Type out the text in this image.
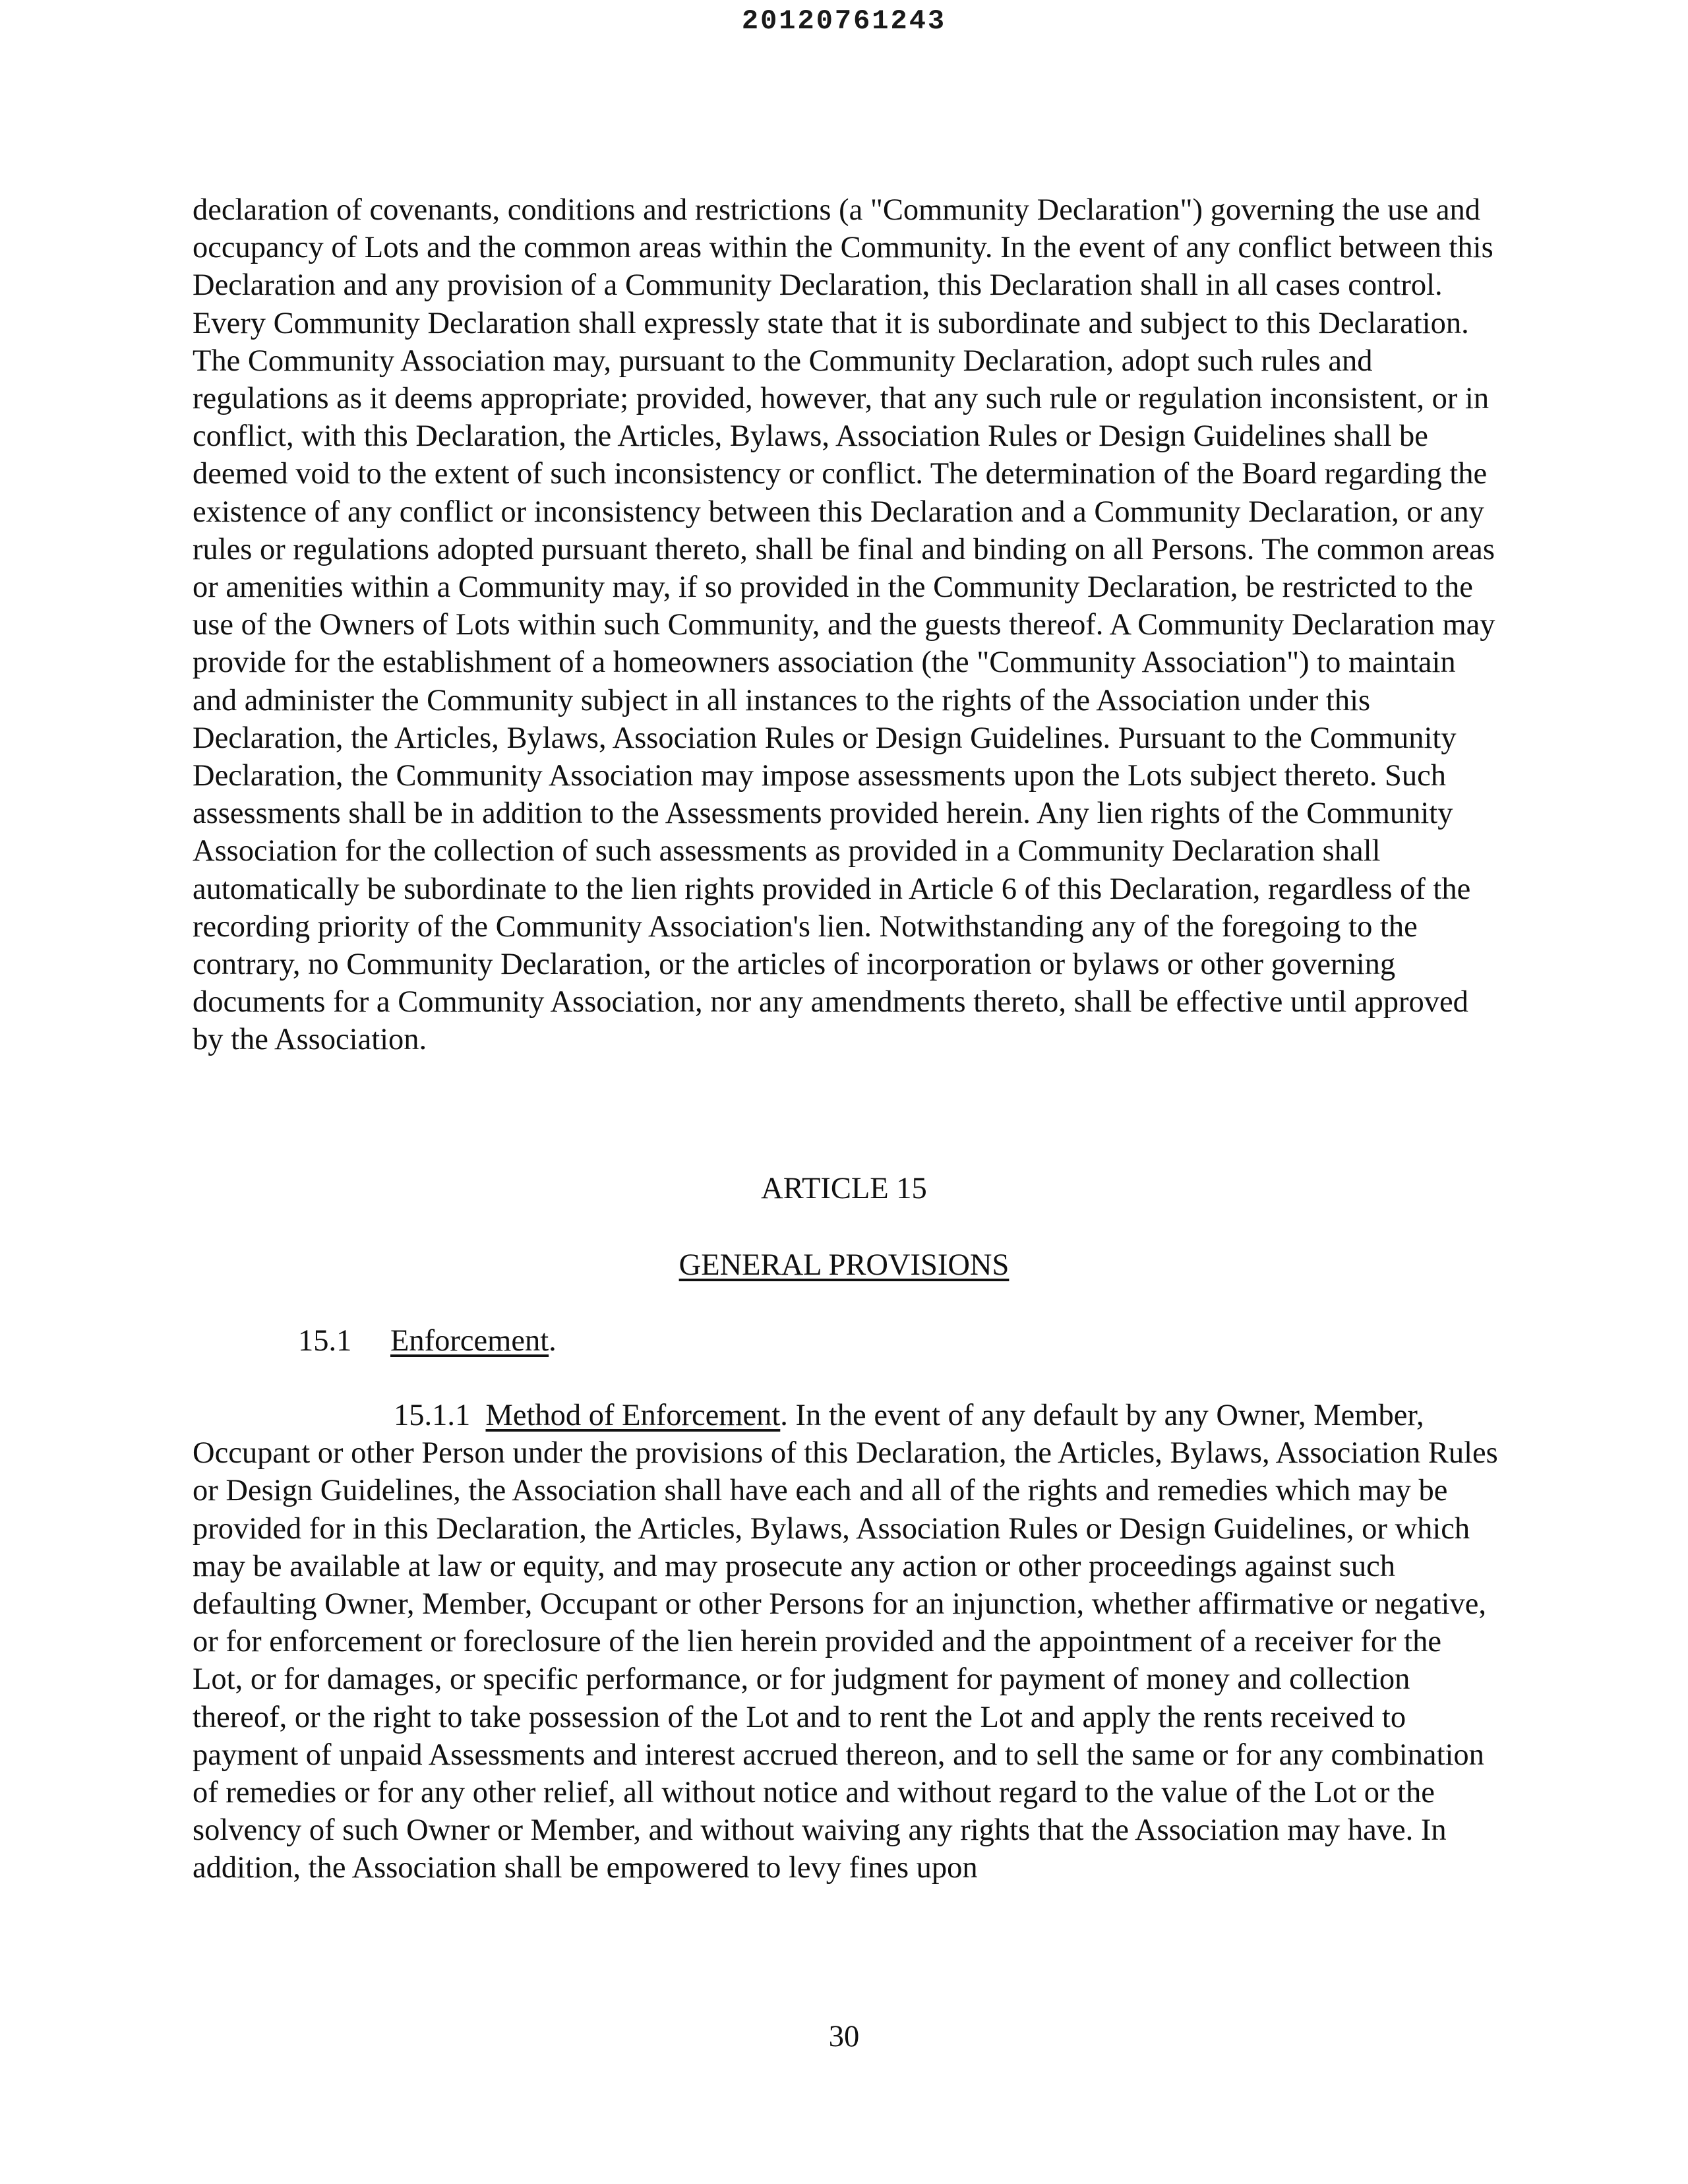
20120761243

declaration of covenants, conditions and restrictions (a "Community Declaration") governing the use and occupancy of Lots and the common areas within the Community. In the event of any conflict between this Declaration and any provision of a Community Declaration, this Declaration shall in all cases control. Every Community Declaration shall expressly state that it is subordinate and subject to this Declaration. The Community Association may, pursuant to the Community Declaration, adopt such rules and regulations as it deems appropriate; provided, however, that any such rule or regulation inconsistent, or in conflict, with this Declaration, the Articles, Bylaws, Association Rules or Design Guidelines shall be deemed void to the extent of such inconsistency or conflict. The determination of the Board regarding the existence of any conflict or inconsistency between this Declaration and a Community Declaration, or any rules or regulations adopted pursuant thereto, shall be final and binding on all Persons. The common areas or amenities within a Community may, if so provided in the Community Declaration, be restricted to the use of the Owners of Lots within such Community, and the guests thereof. A Community Declaration may provide for the establishment of a homeowners association (the "Community Association") to maintain and administer the Community subject in all instances to the rights of the Association under this Declaration, the Articles, Bylaws, Association Rules or Design Guidelines. Pursuant to the Community Declaration, the Community Association may impose assessments upon the Lots subject thereto. Such assessments shall be in addition to the Assessments provided herein. Any lien rights of the Community Association for the collection of such assessments as provided in a Community Declaration shall automatically be subordinate to the lien rights provided in Article 6 of this Declaration, regardless of the recording priority of the Community Association's lien. Notwithstanding any of the foregoing to the contrary, no Community Declaration, or the articles of incorporation or bylaws or other governing documents for a Community Association, nor any amendments thereto, shall be effective until approved by the Association.

ARTICLE 15
GENERAL PROVISIONS
15.1 Enforcement.

15.1.1 Method of Enforcement. In the event of any default by any Owner, Member, Occupant or other Person under the provisions of this Declaration, the Articles, Bylaws, Association Rules or Design Guidelines, the Association shall have each and all of the rights and remedies which may be provided for in this Declaration, the Articles, Bylaws, Association Rules or Design Guidelines, or which may be available at law or equity, and may prosecute any action or other proceedings against such defaulting Owner, Member, Occupant or other Persons for an injunction, whether affirmative or negative, or for enforcement or foreclosure of the lien herein provided and the appointment of a receiver for the Lot, or for damages, or specific performance, or for judgment for payment of money and collection thereof, or the right to take possession of the Lot and to rent the Lot and apply the rents received to payment of unpaid Assessments and interest accrued thereon, and to sell the same or for any combination of remedies or for any other relief, all without notice and without regard to the value of the Lot or the solvency of such Owner or Member, and without waiving any rights that the Association may have. In addition, the Association shall be empowered to levy fines upon

30
